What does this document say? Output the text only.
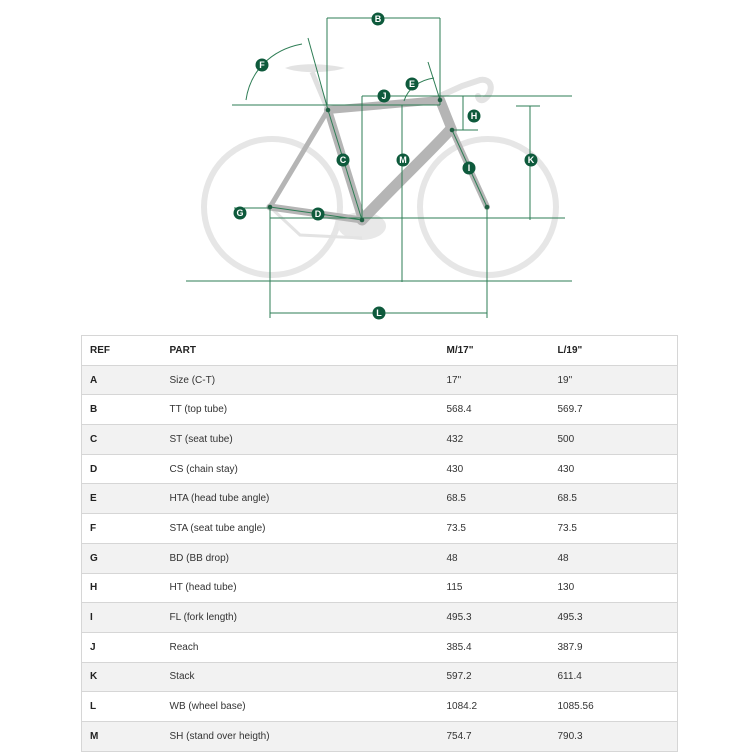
B
F
E
J
H
C	M	K
I
G	D
L
REF	PART	M/17"	L/19"
A	Size (C-T)	17"	19"
B	TT (top tube)	568.4	569.7
C	ST (seat tube)	432	500
D	CS (chain stay)	430	430
E	HTA (head tube angle)	68.5	68.5
F	STA (seat tube angle)	73.5	73.5
G	BD (BB drop)	48	48
H	HT (head tube)	115	130
I	FL (fork length)	495.3	495.3
J	Reach	385.4	387.9
K	Stack	597.2	611.4
L	WB (wheel base)	1084.2	1085.56
M	SH (stand over heigth)	754.7	790.3
